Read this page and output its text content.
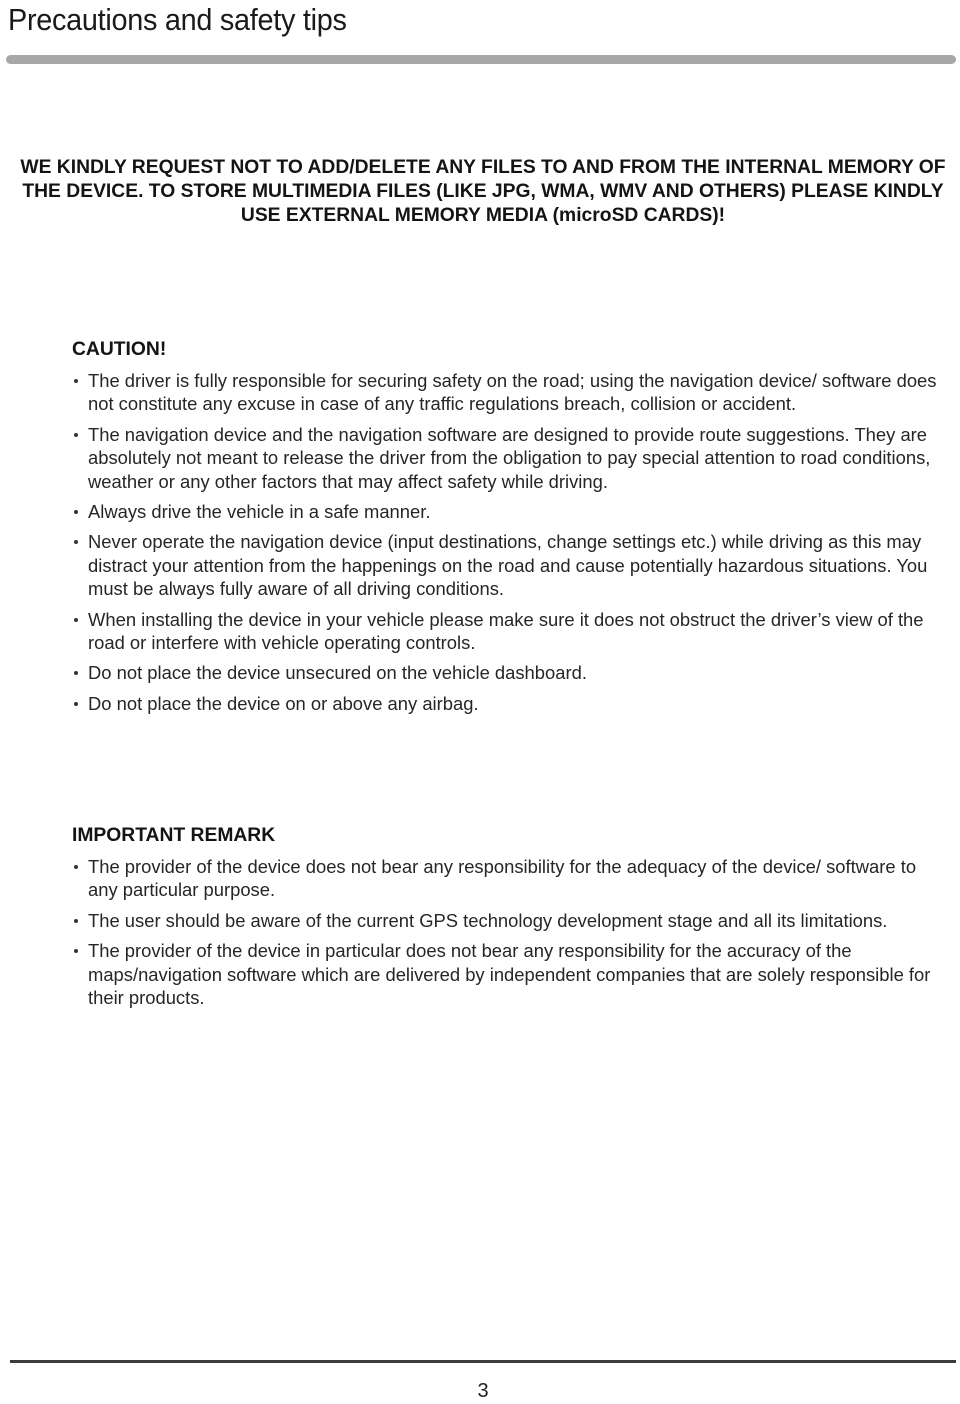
Precautions and safety tips

WE KINDLY REQUEST NOT TO ADD/DELETE ANY FILES TO AND FROM THE INTERNAL MEMORY OF THE DEVICE. TO STORE MULTIMEDIA FILES (LIKE JPG, WMA, WMV AND OTHERS) PLEASE KINDLY USE EXTERNAL MEMORY MEDIA (microSD CARDS)!

CAUTION!
The driver is fully responsible for securing safety on the road; using the navigation device/ software does not constitute any excuse in case of any traffic regulations breach, collision or accident.
The navigation device and the navigation software are designed to provide route suggestions. They are absolutely not meant to release the driver from the obligation to pay special attention to road conditions, weather or any other factors that may affect safety while driving.
Always drive the vehicle in a safe manner.
Never operate the navigation device (input destinations, change settings etc.) while driving as this may distract your attention from the happenings on the road and cause potentially hazardous situations. You must be always fully aware of all driving conditions.
When installing the device in your vehicle please make sure it does not obstruct the driver’s view of the road or interfere with vehicle operating controls.
Do not place the device unsecured on the vehicle dashboard.
Do not place the device on or above any airbag.
IMPORTANT REMARK
The provider of the device does not bear any responsibility for the adequacy of the device/ software to any particular purpose.
The user should be aware of the current GPS technology development stage and all its limitations.
The provider of the device in particular does not bear any responsibility for the accuracy of the maps/navigation software which are delivered by independent companies that are solely responsible for their products.
3
